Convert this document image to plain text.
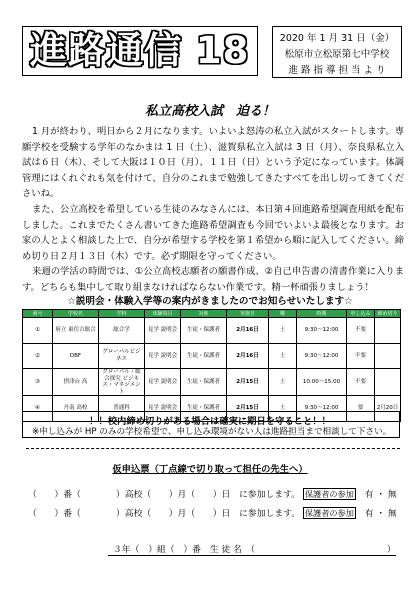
進路通信 18	2020 年 1 月 31 日（金）
松原市立松原第七中学校
進 路 指 導 担 当 よ り
私立高校入試　迫る！

1 月が終わり、明日から２月になります。いよいよ怒涛の私立入試がスタートします。専願学校を受験する学年のなかまは 1 日（土）、滋賀県私立入試は 3 日（月）、奈良県私立入試は６日（木）、そして大阪は１０日（月）、１１日（日）という予定になっています。体調管理にはくれぐれも気を付けて、自分のこれまで勉強してきたすべてを出し切ってきてくださいね。

また、公立高校を希望している生徒のみなさんには、本日第４回進路希望調査用紙を配布しました。これまでたくさん書いてきた進路希望調査も今回でいよいよ最後となります。お家の人とよく相談した上で、自分が希望する学校を第１希望から順に記入してください。締め切り日２月１３日（木）です。必ず期限を守ってください。

来週の学活の時間では、①公立高校志願者の願書作成、②自己申告書の清書作業に入ります。どちらも集中して取り組まなければならない作業です。精一杯頑張りましょう！

☆説明会・体験入学等の案内がきましたのでお知らせいたします☆
番号	学校名	学科	体験項目	対象	実施日	曜	時間	申し込み	締め切り
①	府立 東住吉総合	総合学	見学 説明会	生徒・保護者	2月16日	土	9:30～12:00	不要	
②	DBF	グローバルビジネス	見学 説明会	生徒・保護者	2月16日	土	9:30～12:00	不要	
③	摂津台 高	グローバル・総合探究 ビジネス・マネジメント	見学 説明会	生徒・保護者	2月15日	土	10:00～15:00	不要	
④	丹南 高校	普通科	見学 説明会	生徒・保護者	2月15日	土	9:30～12:00	要	2月20日
！！校内締め切りがある場合は確実に期日を守ること！！
※申し込みが HP のみの学校希望で、申し込み環境がない人は進路担当まで相談して下さい。
仮申込票（丁点線で切り取って担任の先生へ）
（　　）番（　　　　）高校（　　）月（　　）日　に参加します。 保護者の参加 有 ・ 無
（　　）番（　　　　）高校（　　）月（　　）日　に参加します。 保護者の参加 有 ・ 無
３年（　）組（　）番　生 徒 名　（　　　　　　　　　　　　　　　）
